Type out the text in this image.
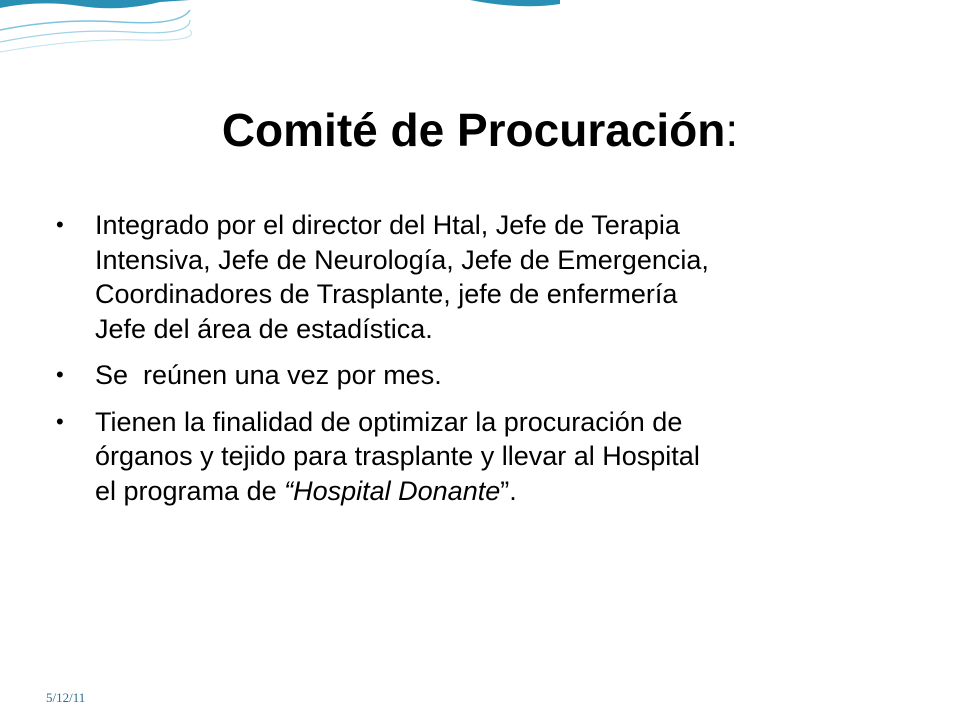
Comité de Procuración:
• Integrado por el director del Htal, Jefe de Terapia
Intensiva, Jefe de Neurología, Jefe de Emergencia,
Coordinadores de Trasplante, jefe de enfermería
Jefe del área de estadística.
• Se  reúnen una vez por mes.
• Tienen la finalidad de optimizar la procuración de
órganos y tejido para trasplante y llevar al Hospital
el programa de “Hospital Donante”.
5/12/11
